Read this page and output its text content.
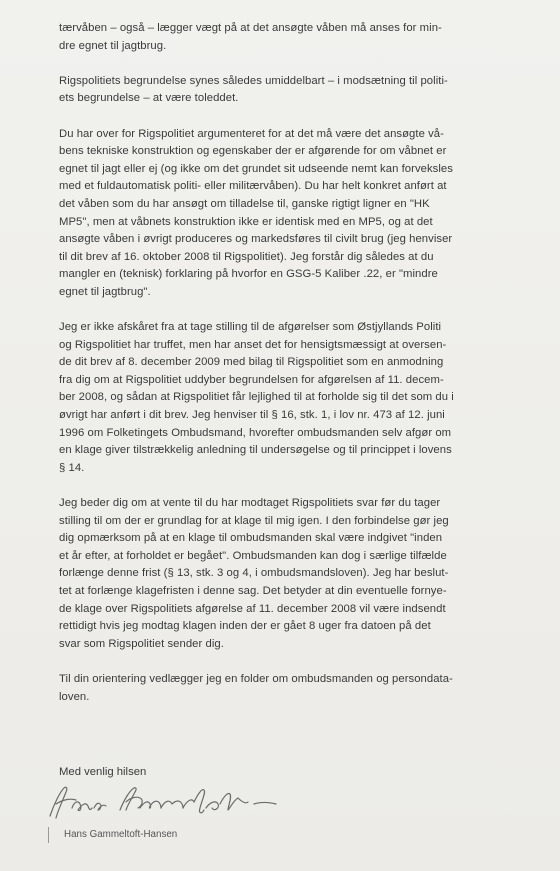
tærvåben – også – lægger vægt på at det ansøgte våben må anses for min-
dre egnet til jagtbrug.

Rigspolitiets begrundelse synes således umiddelbart – i modsætning til politi-
ets begrundelse – at være toleddet.

Du har over for Rigspolitiet argumenteret for at det må være det ansøgte vå-
bens tekniske konstruktion og egenskaber der er afgørende for om våbnet er
egnet til jagt eller ej (og ikke om det grundet sit udseende nemt kan forveksles
med et fuldautomatisk politi- eller militærvåben). Du har helt konkret anført at
det våben som du har ansøgt om tilladelse til, ganske rigtigt ligner en "HK
MP5", men at våbnets konstruktion ikke er identisk med en MP5, og at det
ansøgte våben i øvrigt produceres og markedsføres til civilt brug (jeg henviser
til dit brev af 16. oktober 2008 til Rigspolitiet). Jeg forstår dig således at du
mangler en (teknisk) forklaring på hvorfor en GSG-5 Kaliber .22, er "mindre
egnet til jagtbrug".

Jeg er ikke afskåret fra at tage stilling til de afgørelser som Østjyllands Politi
og Rigspolitiet har truffet, men har anset det for hensigtsmæssigt at oversen-
de dit brev af 8. december 2009 med bilag til Rigspolitiet som en anmodning
fra dig om at Rigspolitiet uddyber begrundelsen for afgørelsen af 11. decem-
ber 2008, og sådan at Rigspolitiet får lejlighed til at forholde sig til det som du i
øvrigt har anført i dit brev. Jeg henviser til § 16, stk. 1, i lov nr. 473 af 12. juni
1996 om Folketingets Ombudsmand, hvorefter ombudsmanden selv afgør om
en klage giver tilstrækkelig anledning til undersøgelse og til princippet i lovens
§ 14.

Jeg beder dig om at vente til du har modtaget Rigspolitiets svar før du tager
stilling til om der er grundlag for at klage til mig igen. I den forbindelse gør jeg
dig opmærksom på at en klage til ombudsmanden skal være indgivet "inden
et år efter, at forholdet er begået". Ombudsmanden kan dog i særlige tilfælde
forlænge denne frist (§ 13, stk. 3 og 4, i ombudsmandsloven). Jeg har beslut-
tet at forlænge klagefristen i denne sag. Det betyder at din eventuelle fornye-
de klage over Rigspolitiets afgørelse af 11. december 2008 vil være indsendt
rettidigt hvis jeg modtag klagen inden der er gået 8 uger fra datoen på det
svar som Rigspolitiet sender dig.

Til din orientering vedlægger jeg en folder om ombudsmanden og persondata-
loven.

Med venlig hilsen

Hans Gammeltoft-Hansen
